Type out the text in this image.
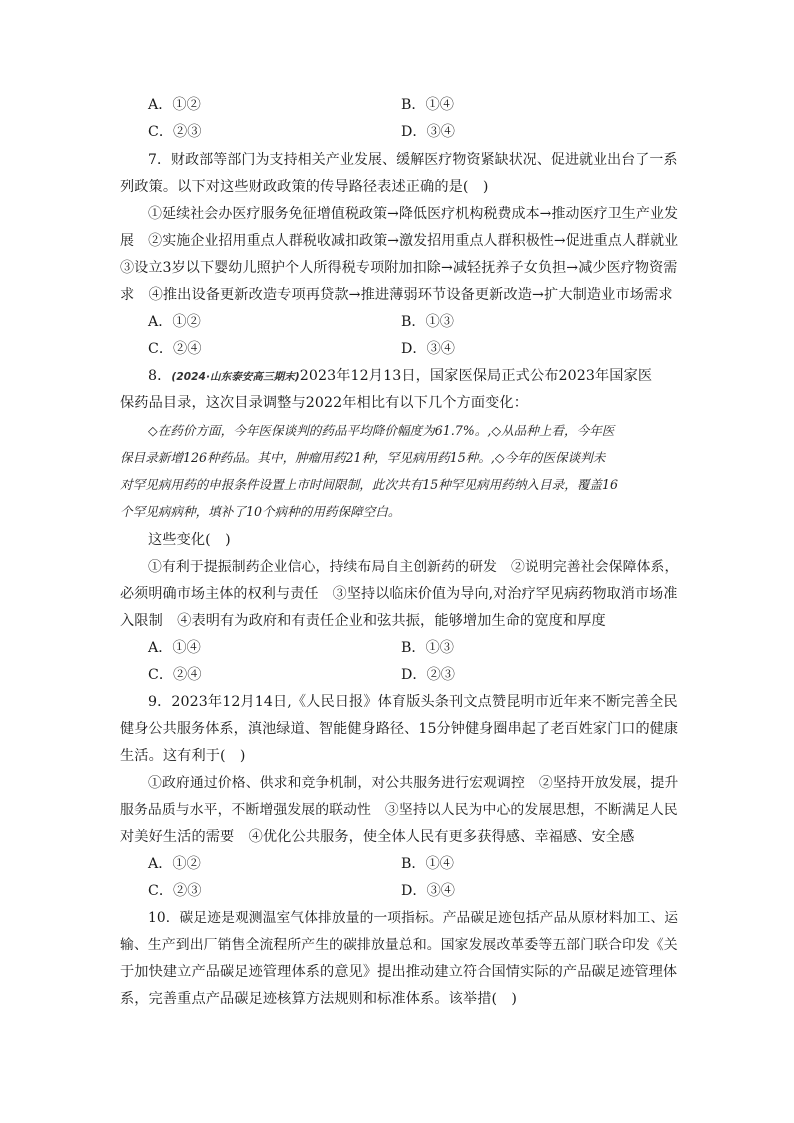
A．①②	B．①④
C．②③	D．③④
7．财政部等部门为支持相关产业发展、缓解医疗物资紧缺状况、促进就业出台了一系
列政策。以下对这些财政政策的传导路径表述正确的是(　)
①延续社会办医疗服务免征增值税政策→降低医疗机构税费成本→推动医疗卫生产业发
展　②实施企业招用重点人群税收减扣政策→激发招用重点人群积极性→促进重点人群就业
③设立3岁以下婴幼儿照护个人所得税专项附加扣除→减轻抚养子女负担→减少医疗物资需
求　④推出设备更新改造专项再贷款→推进薄弱环节设备更新改造→扩大制造业市场需求
A．①②	B．①③
C．②④	D．③④
8．(2024·山东泰安高三期末)2023年12月13日，国家医保局正式公布2023年国家医
保药品目录，这次目录调整与2022年相比有以下几个方面变化：
◇在药价方面，今年医保谈判的药品平均降价幅度为61.7%。,◇从品种上看，今年医
保目录新增126种药品。其中，肿瘤用药21种，罕见病用药15种。,◇今年的医保谈判未
对罕见病用药的申报条件设置上市时间限制，此次共有15种罕见病用药纳入目录，覆盖16
个罕见病病种，填补了10个病种的用药保障空白。
这些变化(　)
①有利于提振制药企业信心，持续布局自主创新药的研发　②说明完善社会保障体系，
必须明确市场主体的权利与责任　③坚持以临床价值为导向,对治疗罕见病药物取消市场准
入限制　④表明有为政府和有责任企业和弦共振，能够增加生命的宽度和厚度
A．①④	B．①③
C．②④	D．②③
9．2023年12月14日,《人民日报》体育版头条刊文点赞昆明市近年来不断完善全民
健身公共服务体系，滇池绿道、智能健身路径、15分钟健身圈串起了老百姓家门口的健康
生活。这有利于(　)
①政府通过价格、供求和竞争机制，对公共服务进行宏观调控　②坚持开放发展，提升
服务品质与水平，不断增强发展的联动性　③坚持以人民为中心的发展思想，不断满足人民
对美好生活的需要　④优化公共服务，使全体人民有更多获得感、幸福感、安全感
A．①②	B．①④
C．②③	D．③④
10．碳足迹是观测温室气体排放量的一项指标。产品碳足迹包括产品从原材料加工、运
输、生产到出厂销售全流程所产生的碳排放量总和。国家发展改革委等五部门联合印发《关
于加快建立产品碳足迹管理体系的意见》提出推动建立符合国情实际的产品碳足迹管理体
系，完善重点产品碳足迹核算方法规则和标准体系。该举措(　)
